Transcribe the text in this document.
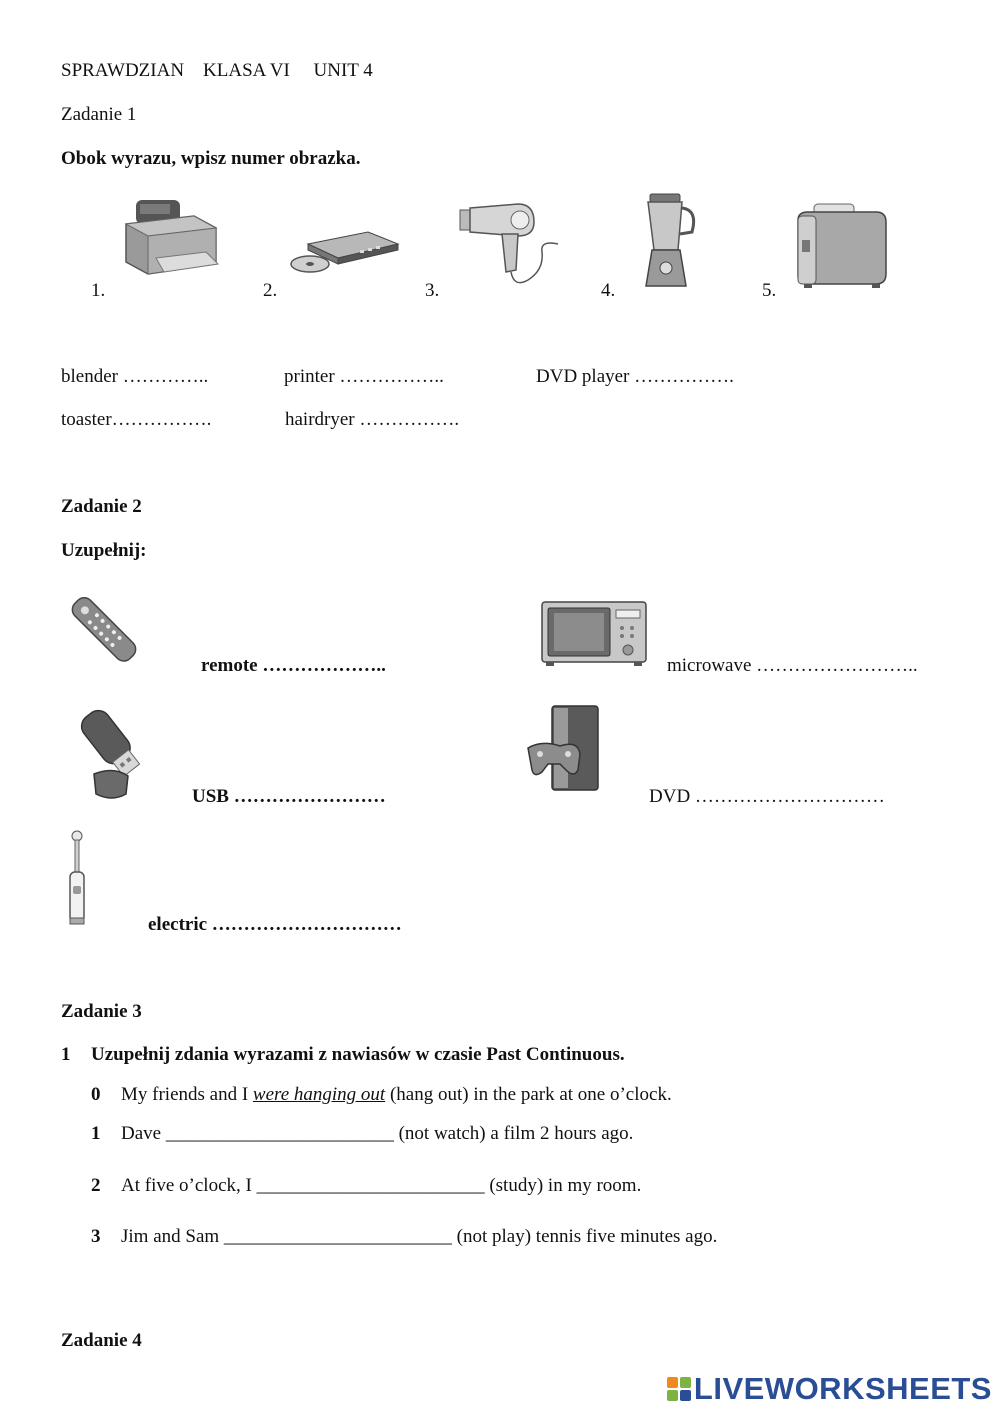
SPRAWDZIAN    KLASA VI     UNIT 4
Zadanie 1
Obok wyrazu, wpisz numer obrazka.
1.	2.	3.	4.	5.
blender …………..	printer ……………..	DVD player …………….
toaster…………….	hairdryer …………….
Zadanie 2
Uzupełnij:
remote ………………..	microwave ……………………..
USB ……………………	DVD …………………………
electric …………………………
Zadanie 3
1 Uzupełnij zdania wyrazami z nawiasów w czasie Past Continuous.
0 My friends and I were hanging out (hang out) in the park at one o’clock.
1 Dave ________________________ (not watch) a film 2 hours ago.
2 At five o’clock, I ________________________ (study) in my room.
3 Jim and Sam ________________________ (not play) tennis five minutes ago.
Zadanie 4
LIVEWORKSHEETS
